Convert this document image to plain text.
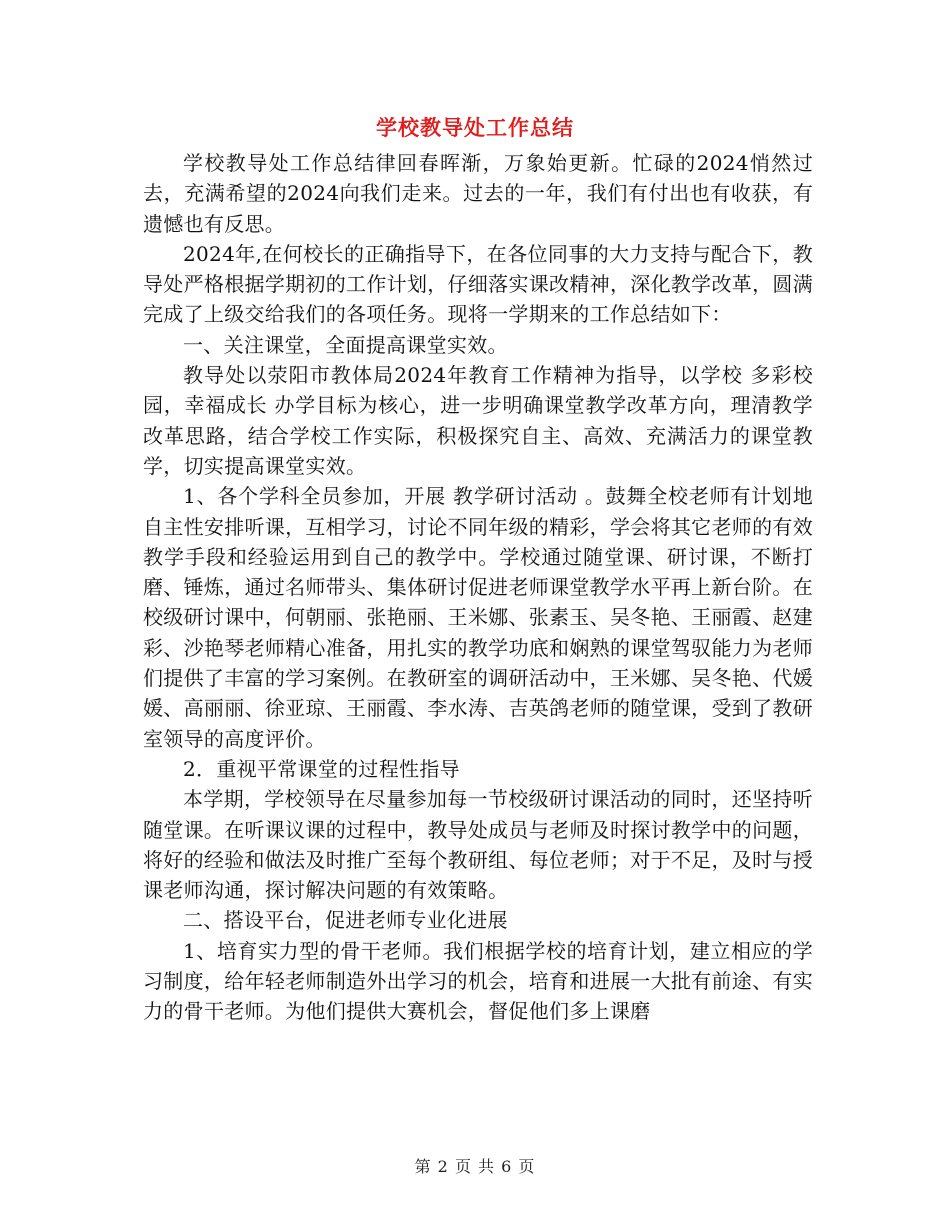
学校教导处工作总结

学校教导处工作总结律回春晖渐，万象始更新。忙碌的2024悄然过去，充满希望的2024向我们走来。过去的一年，我们有付出也有收获，有遗憾也有反思。

2024年,在何校长的正确指导下，在各位同事的大力支持与配合下，教导处严格根据学期初的工作计划，仔细落实课改精神，深化教学改革，圆满完成了上级交给我们的各项任务。现将一学期来的工作总结如下：

一、关注课堂，全面提高课堂实效。

教导处以荥阳市教体局2024年教育工作精神为指导，以学校 多彩校园，幸福成长 办学目标为核心，进一步明确课堂教学改革方向，理清教学改革思路，结合学校工作实际，积极探究自主、高效、充满活力的课堂教学，切实提高课堂实效。

1、各个学科全员参加，开展 教学研讨活动 。鼓舞全校老师有计划地自主性安排听课，互相学习，讨论不同年级的精彩，学会将其它老师的有效教学手段和经验运用到自己的教学中。学校通过随堂课、研讨课，不断打磨、锤炼，通过名师带头、集体研讨促进老师课堂教学水平再上新台阶。在校级研讨课中，何朝丽、张艳丽、王米娜、张素玉、吴冬艳、王丽霞、赵建彩、沙艳琴老师精心准备，用扎实的教学功底和娴熟的课堂驾驭能力为老师们提供了丰富的学习案例。在教研室的调研活动中，王米娜、吴冬艳、代媛媛、高丽丽、徐亚琼、王丽霞、李水涛、吉英鸽老师的随堂课，受到了教研室领导的高度评价。

2．重视平常课堂的过程性指导

本学期，学校领导在尽量参加每一节校级研讨课活动的同时，还坚持听随堂课。在听课议课的过程中，教导处成员与老师及时探讨教学中的问题，将好的经验和做法及时推广至每个教研组、每位老师；对于不足，及时与授课老师沟通，探讨解决问题的有效策略。

二、搭设平台，促进老师专业化进展

1、培育实力型的骨干老师。我们根据学校的培育计划，建立相应的学习制度，给年轻老师制造外出学习的机会，培育和进展一大批有前途、有实力的骨干老师。为他们提供大赛机会，督促他们多上课磨

第 2 页 共 6 页
